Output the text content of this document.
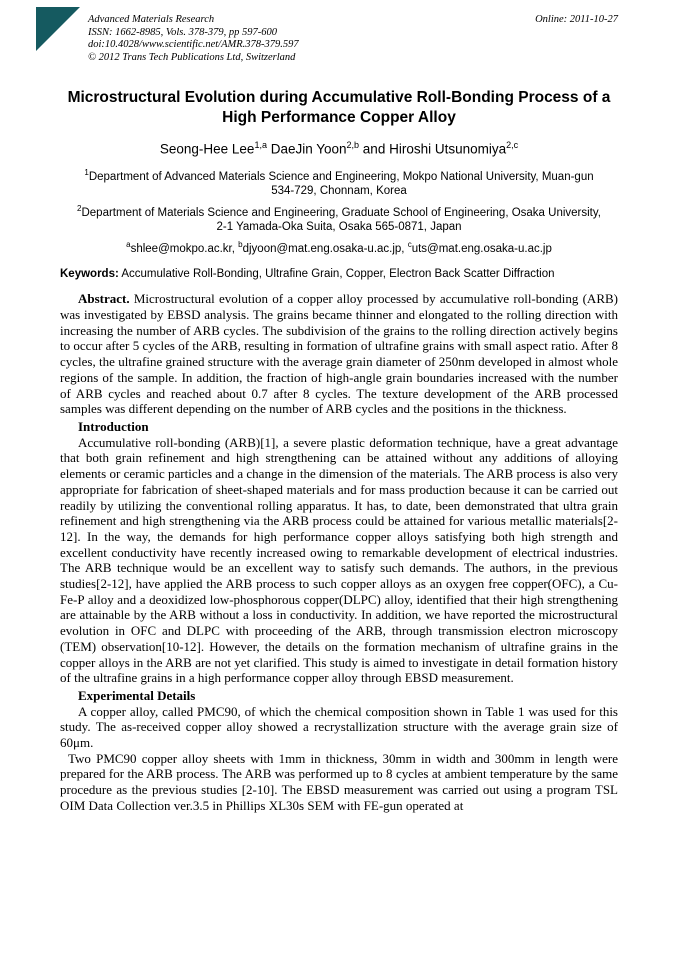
Advanced Materials Research	Online: 2011-10-27
ISSN: 1662-8985, Vols. 378-379, pp 597-600
doi:10.4028/www.scientific.net/AMR.378-379.597
© 2012 Trans Tech Publications Ltd, Switzerland
Microstructural Evolution during Accumulative Roll-Bonding Process of a High Performance Copper Alloy

Seong-Hee Lee$^{1,a}$ DaeJin Yoon$^{2,b}$ and Hiroshi Utsunomiya$^{2,c}$

$^1$Department of Advanced Materials Science and Engineering, Mokpo National University, Muan-gun 534-729, Chonnam, Korea

$^2$Department of Materials Science and Engineering, Graduate School of Engineering, Osaka University, 2-1 Yamada-Oka Suita, Osaka 565-0871, Japan

$^a$shlee@mokpo.ac.kr, $^b$djyoon@mat.eng.osaka-u.ac.jp, $^c$uts@mat.eng.osaka-u.ac.jp

Keywords: Accumulative Roll-Bonding, Ultrafine Grain, Copper, Electron Back Scatter Diffraction

Abstract. Microstructural evolution of a copper alloy processed by accumulative roll-bonding (ARB) was investigated by EBSD analysis. The grains became thinner and elongated to the rolling direction with increasing the number of ARB cycles. The subdivision of the grains to the rolling direction actively begins to occur after 5 cycles of the ARB, resulting in formation of ultrafine grains with small aspect ratio. After 8 cycles, the ultrafine grained structure with the average grain diameter of 250nm developed in almost whole regions of the sample. In addition, the fraction of high-angle grain boundaries increased with the number of ARB cycles and reached about 0.7 after 8 cycles. The texture development of the ARB processed samples was different depending on the number of ARB cycles and the positions in the thickness.

Introduction

Accumulative roll-bonding (ARB)[1], a severe plastic deformation technique, have a great advantage that both grain refinement and high strengthening can be attained without any additions of alloying elements or ceramic particles and a change in the dimension of the materials. The ARB process is also very appropriate for fabrication of sheet-shaped materials and for mass production because it can be carried out readily by utilizing the conventional rolling apparatus. It has, to date, been demonstrated that ultra grain refinement and high strengthening via the ARB process could be attained for various metallic materials[2-12]. In the way, the demands for high performance copper alloys satisfying both high strength and excellent conductivity have recently increased owing to remarkable development of electrical industries. The ARB technique would be an excellent way to satisfy such demands. The authors, in the previous studies[2-12], have applied the ARB process to such copper alloys as an oxygen free copper(OFC), a Cu-Fe-P alloy and a deoxidized low-phosphorous copper(DLPC) alloy, identified that their high strengthening are attainable by the ARB without a loss in conductivity. In addition, we have reported the microstructural evolution in OFC and DLPC with proceeding of the ARB, through transmission electron microscopy (TEM) observation[10-12]. However, the details on the formation mechanism of ultrafine grains in the copper alloys in the ARB are not yet clarified. This study is aimed to investigate in detail formation history of the ultrafine grains in a high performance copper alloy through EBSD measurement.

Experimental Details

A copper alloy, called PMC90, of which the chemical composition shown in Table 1 was used for this study. The as-received copper alloy showed a recrystallization structure with the average grain size of 60μm.

Two PMC90 copper alloy sheets with 1mm in thickness, 30mm in width and 300mm in length were prepared for the ARB process. The ARB was performed up to 8 cycles at ambient temperature by the same procedure as the previous studies [2-10]. The EBSD measurement was carried out using a program TSL OIM Data Collection ver.3.5 in Phillips XL30s SEM with FE-gun operated at
